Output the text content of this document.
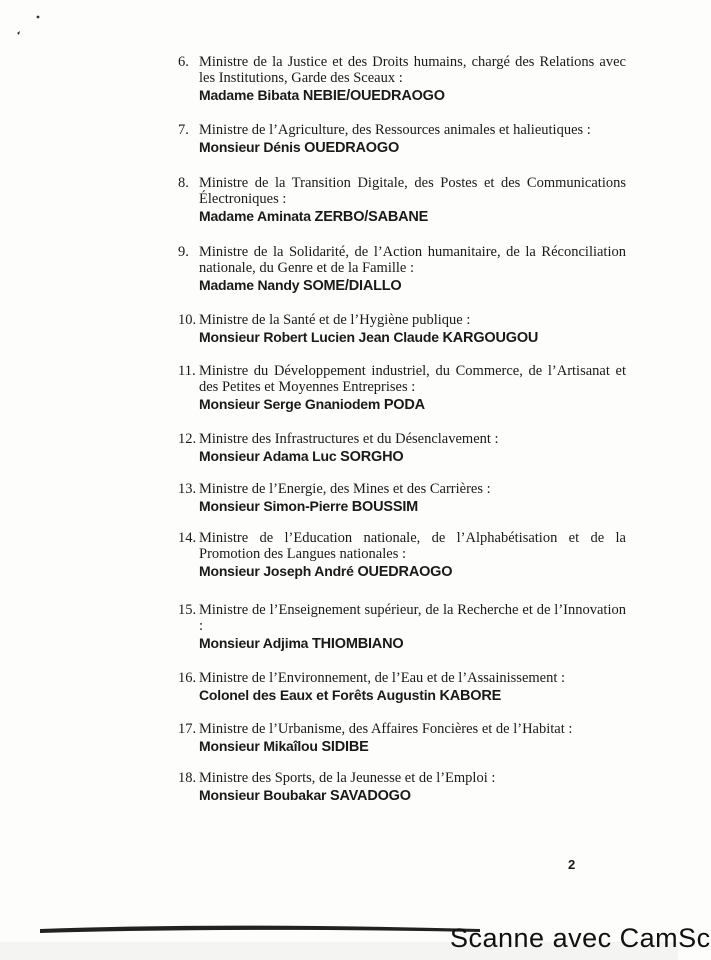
6. Ministre de la Justice et des Droits humains, chargé des Relations avec les Institutions, Garde des Sceaux :
Madame Bibata NEBIE/OUEDRAOGO
7. Ministre de l’Agriculture, des Ressources animales et halieutiques :
Monsieur Dénis OUEDRAOGO
8. Ministre de la Transition Digitale, des Postes et des Communications Électroniques :
Madame Aminata ZERBO/SABANE
9. Ministre de la Solidarité, de l’Action humanitaire, de la Réconciliation nationale, du Genre et de la Famille :
Madame Nandy SOME/DIALLO
10. Ministre de la Santé et de l’Hygiène publique :
Monsieur Robert Lucien Jean Claude KARGOUGOU
11. Ministre du Développement industriel, du Commerce, de l’Artisanat et des Petites et Moyennes Entreprises :
Monsieur Serge Gnaniodem PODA
12. Ministre des Infrastructures et du Désenclavement :
Monsieur Adama Luc SORGHO
13. Ministre de l’Energie, des Mines et des Carrières :
Monsieur Simon-Pierre BOUSSIM
14. Ministre de l’Education nationale, de l’Alphabétisation et de la Promotion des Langues nationales :
Monsieur Joseph André OUEDRAOGO
15. Ministre de l’Enseignement supérieur, de la Recherche et de l’Innovation :
Monsieur Adjima THIOMBIANO
16. Ministre de l’Environnement, de l’Eau et de l’Assainissement :
Colonel des Eaux et Forêts Augustin KABORE
17. Ministre de l’Urbanisme, des Affaires Foncières et de l’Habitat :
Monsieur Mikaîlou SIDIBE
18. Ministre des Sports, de la Jeunesse et de l’Emploi :
Monsieur Boubakar SAVADOGO
2
Scanne avec CamSc
